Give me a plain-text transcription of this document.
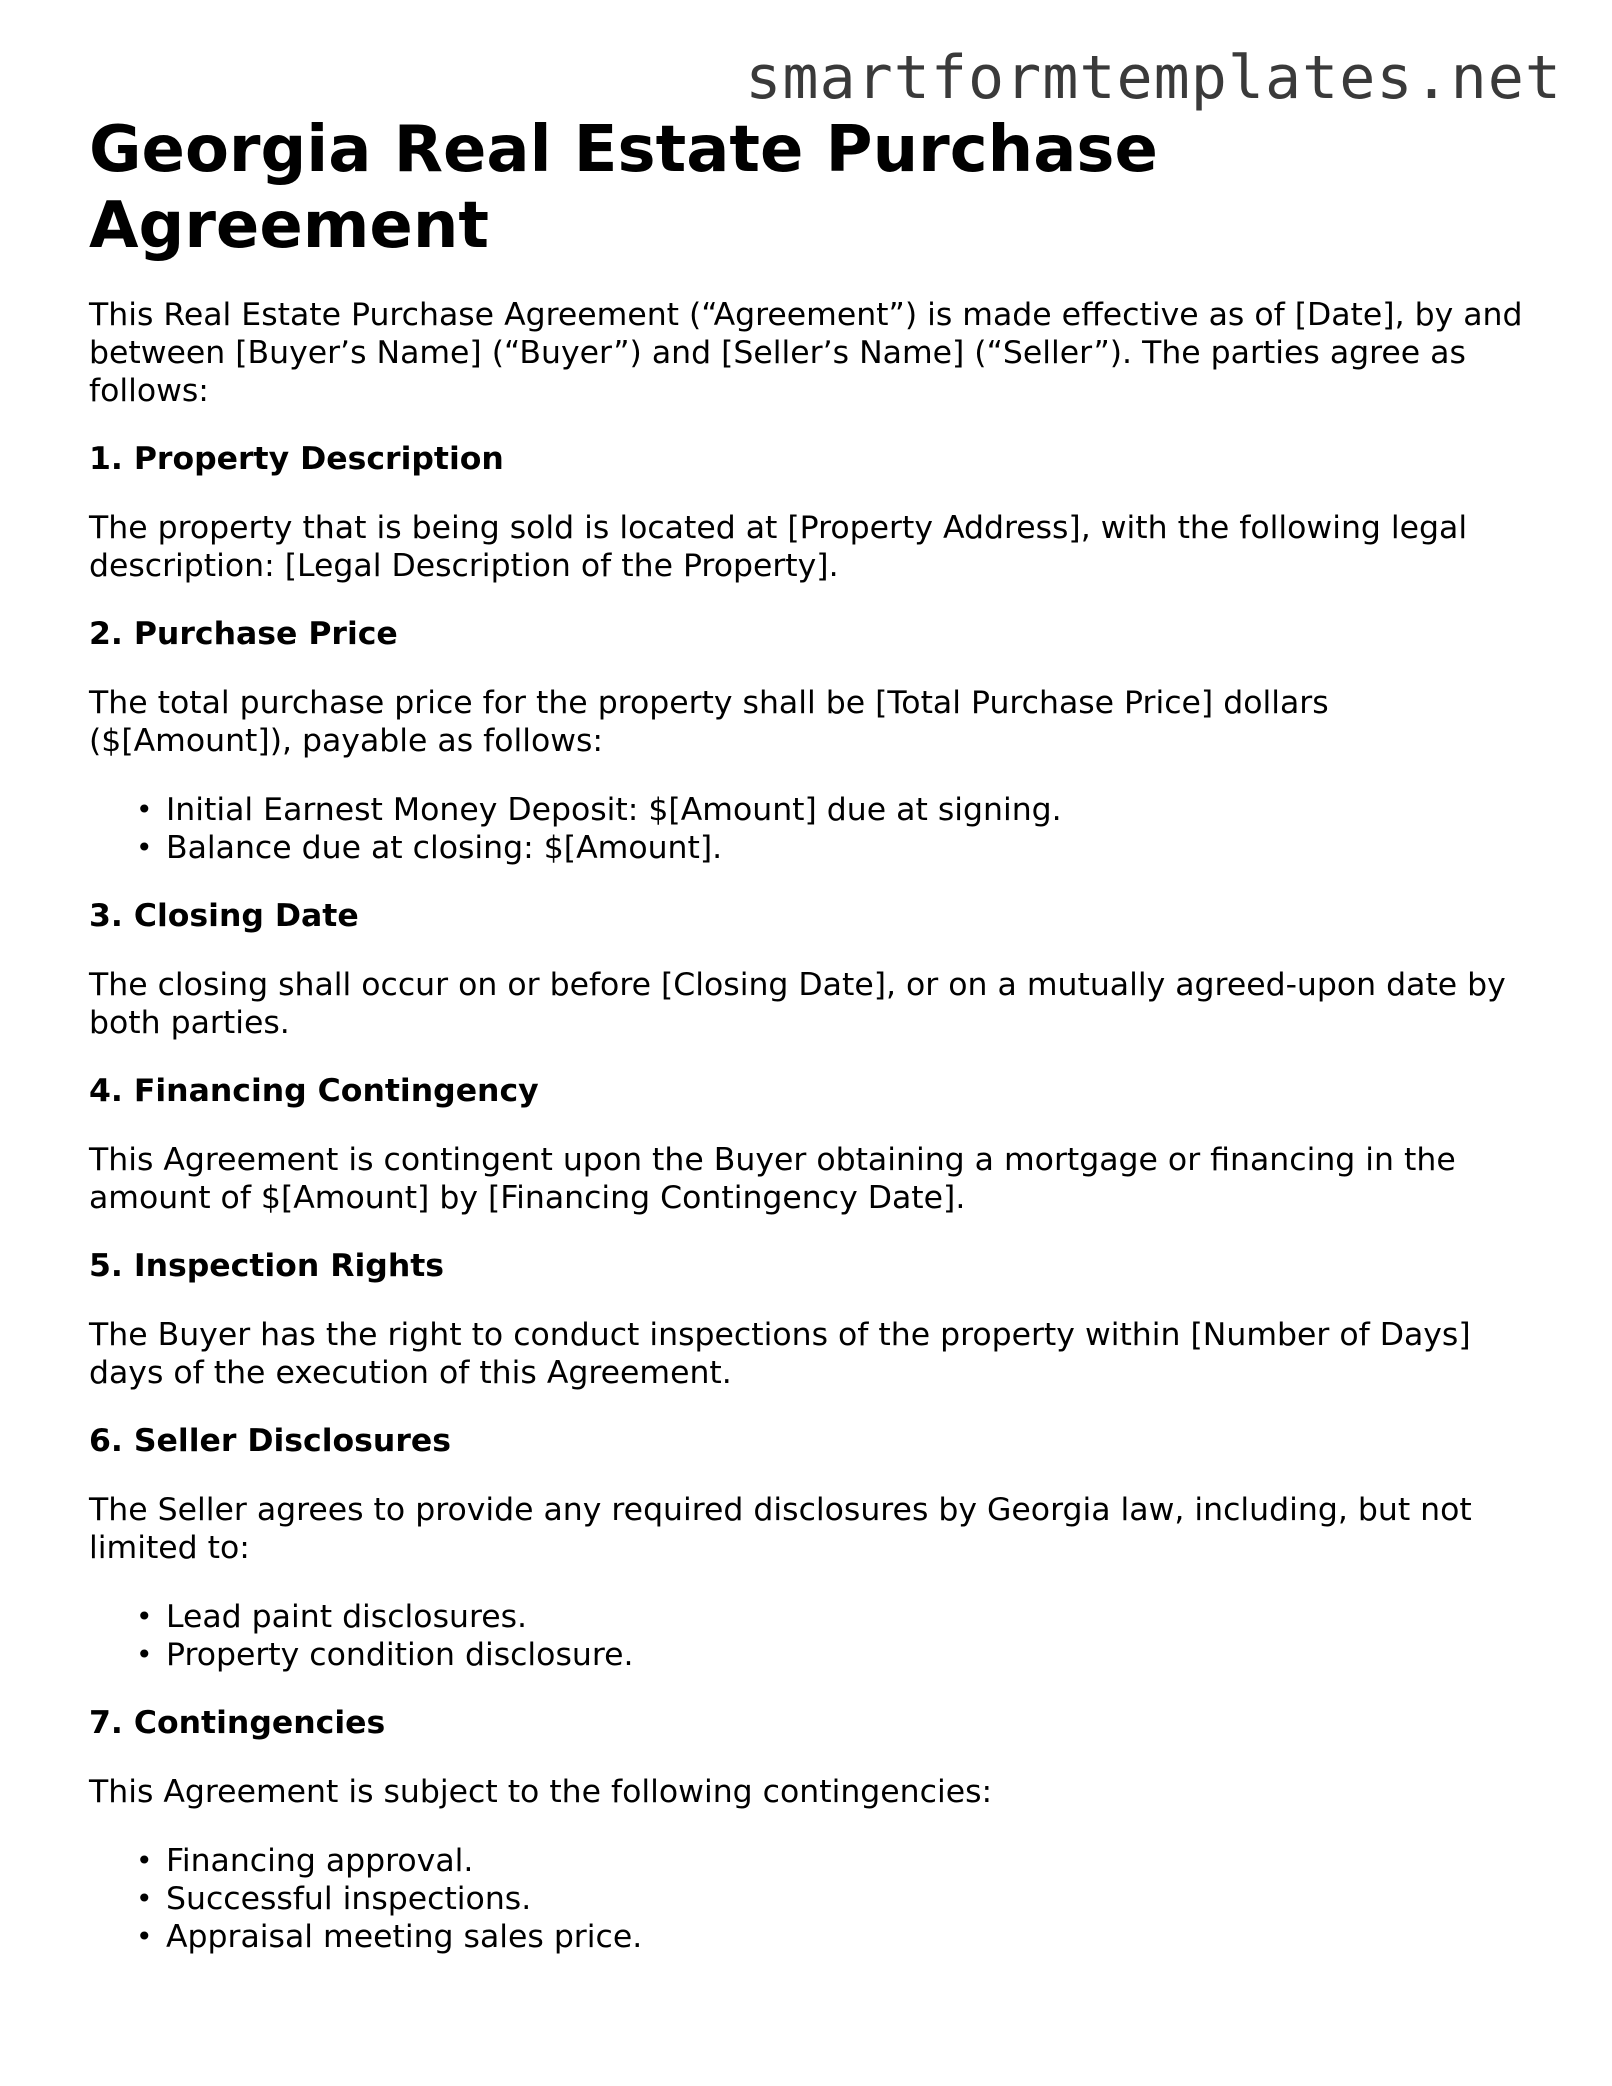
smartformtemplates.net
Georgia Real Estate Purchase Agreement

This Real Estate Purchase Agreement (“Agreement”) is made effective as of [Date], by and between [Buyer’s Name] (“Buyer”) and [Seller’s Name] (“Seller”). The parties agree as follows:

1. Property Description

The property that is being sold is located at [Property Address], with the following legal description: [Legal Description of the Property].

2. Purchase Price

The total purchase price for the property shall be [Total Purchase Price] dollars ($[Amount]), payable as follows:

• Initial Earnest Money Deposit: $[Amount] due at signing.
• Balance due at closing: $[Amount].
3. Closing Date

The closing shall occur on or before [Closing Date], or on a mutually agreed-upon date by both parties.

4. Financing Contingency

This Agreement is contingent upon the Buyer obtaining a mortgage or financing in the amount of $[Amount] by [Financing Contingency Date].

5. Inspection Rights

The Buyer has the right to conduct inspections of the property within [Number of Days] days of the execution of this Agreement.

6. Seller Disclosures

The Seller agrees to provide any required disclosures by Georgia law, including, but not limited to:

• Lead paint disclosures.
• Property condition disclosure.
7. Contingencies

This Agreement is subject to the following contingencies:

• Financing approval.
• Successful inspections.
• Appraisal meeting sales price.
